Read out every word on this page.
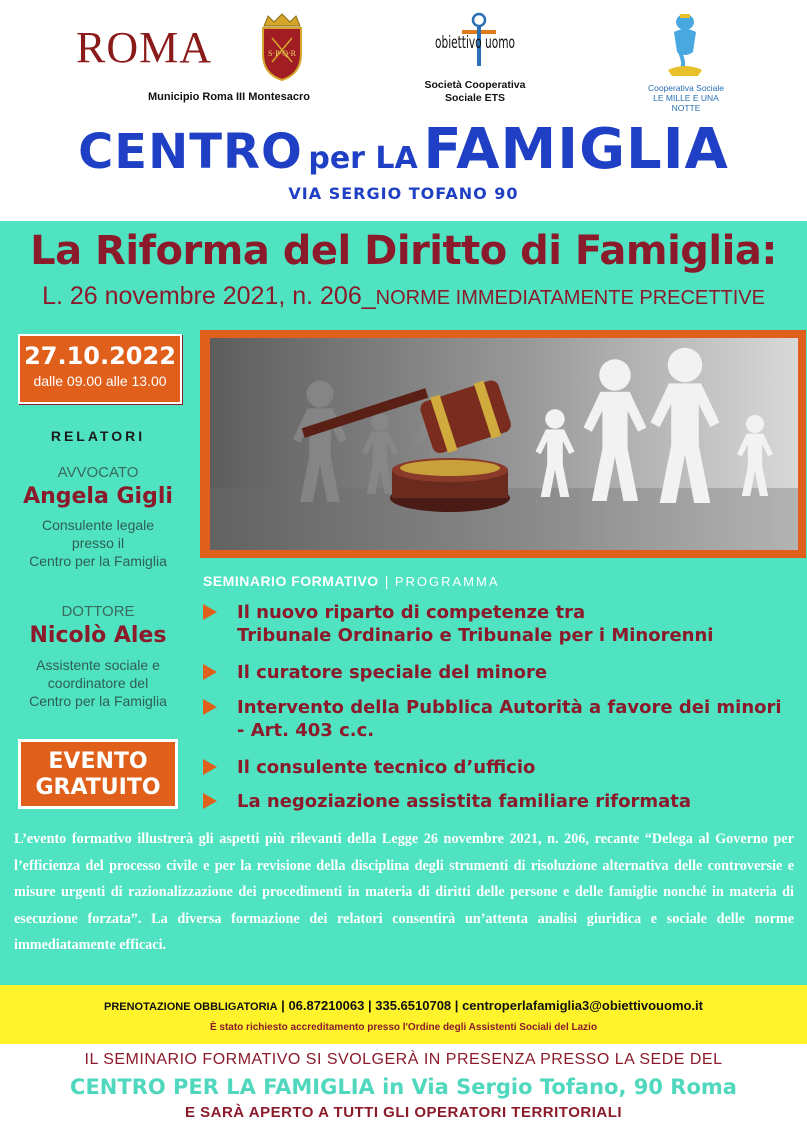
ROMA	S·P·Q·R
Municipio Roma III Montesacro
obiettivo uomo
Società Cooperativa
Sociale ETS
Cooperativa Sociale
LE MILLE E UNA NOTTE
CENTRO per LA FAMIGLIA
VIA SERGIO TOFANO 90
La Riforma del Diritto di Famiglia:
L. 26 novembre 2021, n. 206_NORME IMMEDIATAMENTE PRECETTIVE
27.10.2022
dalle 09.00 alle 13.00
RELATORI
AVVOCATO
Angela Gigli
Consulente legale
presso il
Centro per la Famiglia
DOTTORE
Nicolò Ales
Assistente sociale e
coordinatore del
Centro per la Famiglia
EVENTO
GRATUITO
SEMINARIO FORMATIVO | PROGRAMMA
Il nuovo riparto di competenze tra
Tribunale Ordinario e Tribunale per i Minorenni
Il curatore speciale del minore
Intervento della Pubblica Autorità a favore dei minori
- Art. 403 c.c.
Il consulente tecnico d’ufficio
La negoziazione assistita familiare riformata
L’evento formativo illustrerà gli aspetti più rilevanti della Legge 26 novembre 2021, n. 206, recante “Delega al Governo per l’efficienza del processo civile e per la revisione della disciplina degli strumenti di risoluzione alternativa delle controversie e misure urgenti di razionalizzazione dei procedimenti in materia di diritti delle persone e delle famiglie nonché in materia di esecuzione forzata”. La diversa formazione dei relatori consentirà un’attenta analisi giuridica e sociale delle norme immediatamente efficaci.
PRENOTAZIONE OBBLIGATORIA | 06.87210063 | 335.6510708 | centroperlafamiglia3@obiettivouomo.it
È stato richiesto accreditamento presso l'Ordine degli Assistenti Sociali del Lazio
IL SEMINARIO FORMATIVO SI SVOLGERÀ IN PRESENZA PRESSO LA SEDE DEL
CENTRO PER LA FAMIGLIA in Via Sergio Tofano, 90 Roma
E SARÀ APERTO A TUTTI GLI OPERATORI TERRITORIALI
